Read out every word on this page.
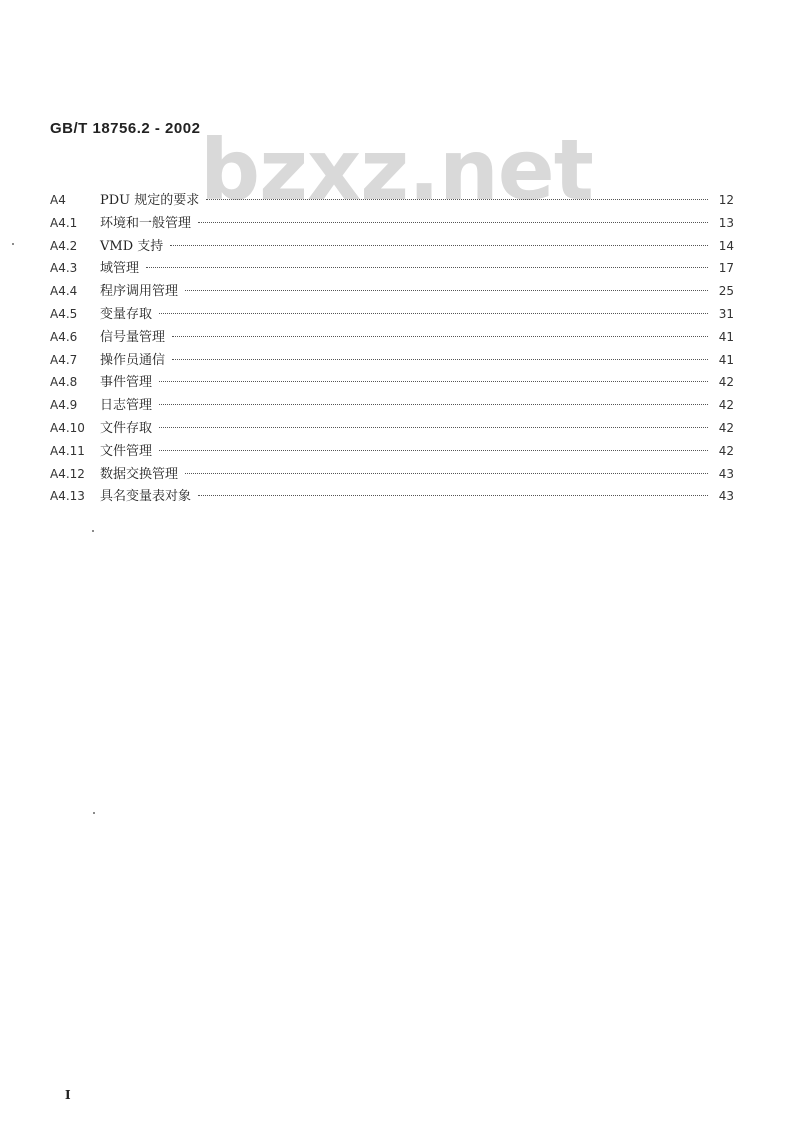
GB/T 18756.2 - 2002 bzxz.net
A4	PDU 规定的要求	12
A4.1	环境和一般管理	13
A4.2	VMD 支持	14
A4.3	域管理	17
A4.4	程序调用管理	25
A4.5	变量存取	31
A4.6	信号量管理	41
A4.7	操作员通信	41
A4.8	事件管理	42
A4.9	日志管理	42
A4.10	文件存取	42
A4.11	文件管理	42
A4.12	数据交换管理	43
A4.13	具名变量表对象	43
I
